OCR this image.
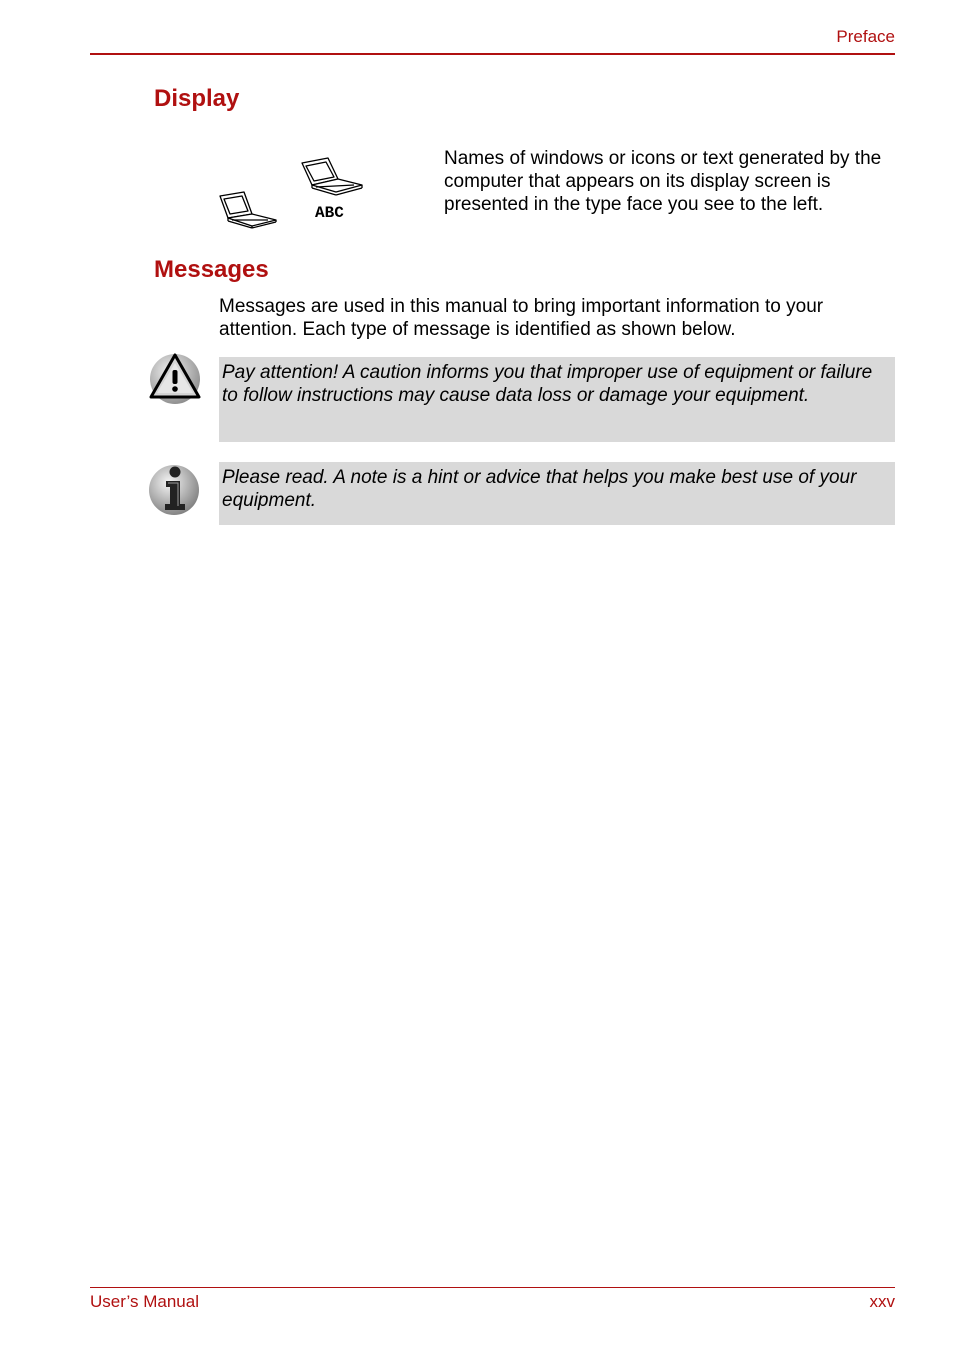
Preface
Display
ABC
Names of windows or icons or text generated by the computer that appears on its display screen is presented in the type face you see to the left.
Messages
Messages are used in this manual to bring important information to your attention. Each type of message is identified as shown below.
Pay attention! A caution informs you that improper use of equipment or failure to follow instructions may cause data loss or damage your equipment.
Please read. A note is a hint or advice that helps you make best use of your equipment.
User’s Manual	xxv
